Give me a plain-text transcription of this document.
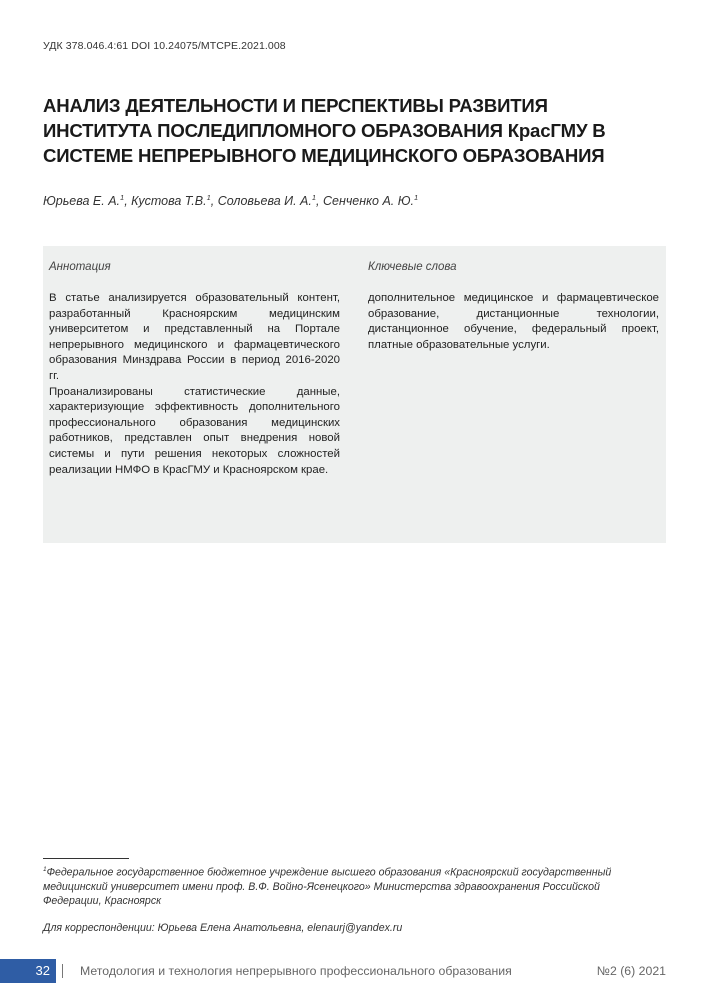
УДК 378.046.4:61 DOI 10.24075/MTCPE.2021.008
АНАЛИЗ ДЕЯТЕЛЬНОСТИ И ПЕРСПЕКТИВЫ РАЗВИТИЯ
ИНСТИТУТА ПОСЛЕДИПЛОМНОГО ОБРАЗОВАНИЯ КрасГМУ В
СИСТЕМЕ НЕПРЕРЫВНОГО МЕДИЦИНСКОГО ОБРАЗОВАНИЯ
Юрьева Е. А.$^1$, Кустова Т.В.$^1$, Соловьева И. А.$^1$, Сенченко А. Ю.$^1$
Аннотация

В статье анализируется образовательный контент, разработанный Красноярским медицинским университетом и представленный на Портале непрерывного медицинского и фармацевтического образования Минздрава России в период 2016-2020 гг.

Проанализированы статистические данные, характеризующие эффективность дополнительного профессионального образования медицинских работников, представлен опыт внедрения новой системы и пути решения некоторых сложностей реализации НМФО в КрасГМУ и Красноярском крае.

Ключевые слова
дополнительное медицинское и фармацевтическое образование, дистанционные технологии, дистанционное обучение, федеральный проект, платные образовательные услуги.
$^1$Федеральное государственное бюджетное учреждение высшего образования «Красноярский государственный медицинский университет имени проф. В.Ф. Войно-Ясенецкого» Министерства здравоохранения Российской Федерации, Красноярск
Для корреспонденции: Юрьева Елена Анатольевна, elenaurj@yandex.ru
32	Методология и технология непрерывного профессионального образования	№2 (6) 2021
